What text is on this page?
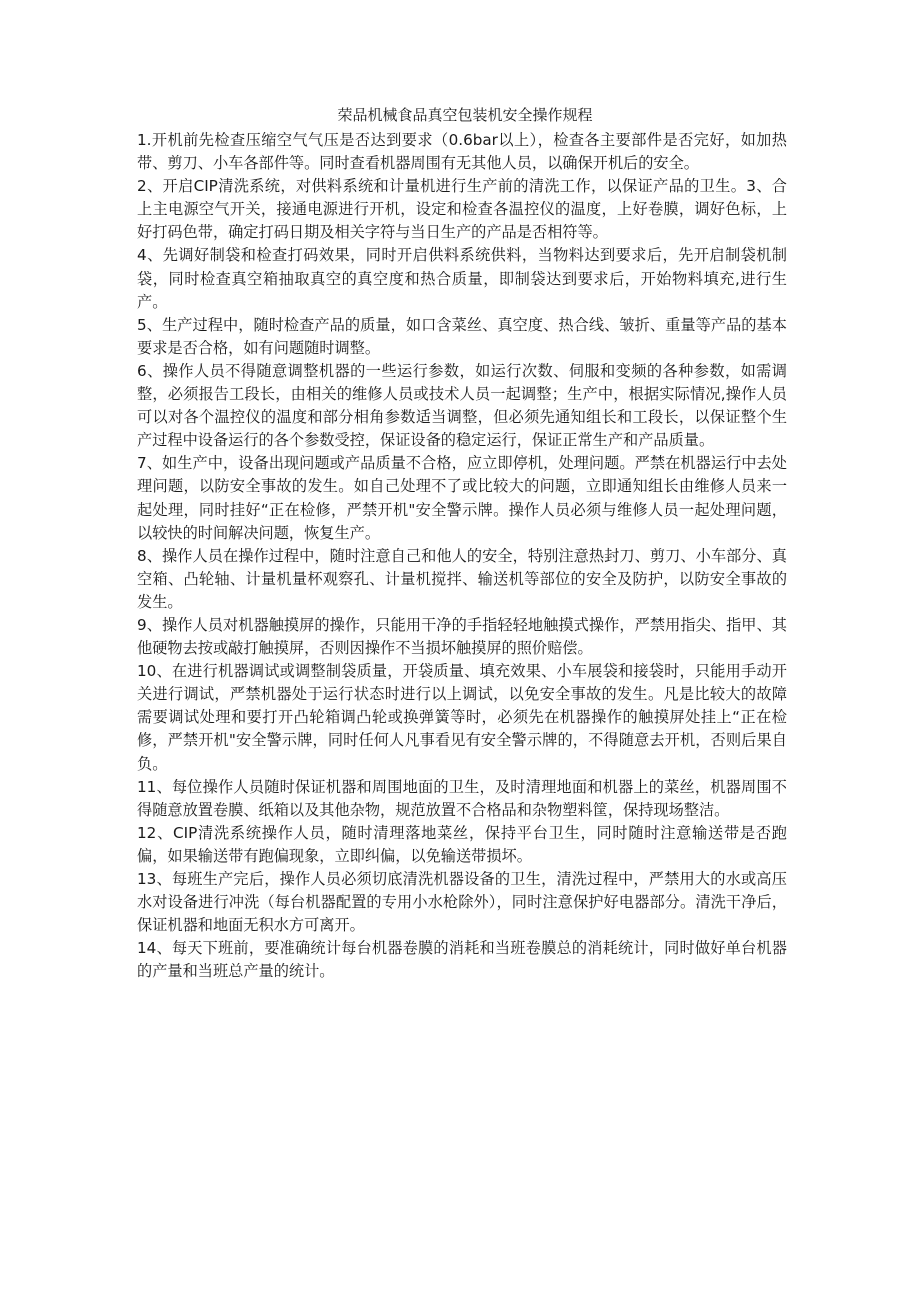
荣品机械食品真空包装机安全操作规程

1.开机前先检查压缩空气气压是否达到要求（0.6bar以上），检查各主要部件是否完好，如加热带、剪刀、小车各部件等。同时查看机器周围有无其他人员，以确保开机后的安全。

2、开启CIP清洗系统，对供料系统和计量机进行生产前的清洗工作，以保证产品的卫生。3、合上主电源空气开关，接通电源进行开机，设定和检查各温控仪的温度，上好卷膜，调好色标，上好打码色带，确定打码日期及相关字符与当日生产的产品是否相符等。

4、先调好制袋和检查打码效果，同时开启供料系统供料，当物料达到要求后，先开启制袋机制袋，同时检查真空箱抽取真空的真空度和热合质量，即制袋达到要求后，开始物料填充,进行生产。

5、生产过程中，随时检查产品的质量，如口含菜丝、真空度、热合线、皱折、重量等产品的基本要求是否合格，如有问题随时调整。

6、操作人员不得随意调整机器的一些运行参数，如运行次数、伺服和变频的各种参数，如需调整，必须报告工段长，由相关的维修人员或技术人员一起调整；生产中，根据实际情况,操作人员可以对各个温控仪的温度和部分相角参数适当调整，但必须先通知组长和工段长，以保证整个生产过程中设备运行的各个参数受控，保证设备的稳定运行，保证正常生产和产品质量。

7、如生产中，设备出现问题或产品质量不合格，应立即停机，处理问题。严禁在机器运行中去处理问题，以防安全事故的发生。如自己处理不了或比较大的问题，立即通知组长由维修人员来一起处理，同时挂好“正在检修，严禁开机"安全警示牌。操作人员必须与维修人员一起处理问题，以较快的时间解决问题，恢复生产。

8、操作人员在操作过程中，随时注意自己和他人的安全，特别注意热封刀、剪刀、小车部分、真空箱、凸轮轴、计量机量杯观察孔、计量机搅拌、输送机等部位的安全及防护，以防安全事故的发生。

9、操作人员对机器触摸屏的操作，只能用干净的手指轻轻地触摸式操作，严禁用指尖、指甲、其他硬物去按或敲打触摸屏，否则因操作不当损坏触摸屏的照价赔偿。

10、在进行机器调试或调整制袋质量，开袋质量、填充效果、小车展袋和接袋时，只能用手动开关进行调试，严禁机器处于运行状态时进行以上调试，以免安全事故的发生。凡是比较大的故障需要调试处理和要打开凸轮箱调凸轮或换弹簧等时，必须先在机器操作的触摸屏处挂上“正在检修，严禁开机"安全警示牌，同时任何人凡事看见有安全警示牌的，不得随意去开机，否则后果自负。

11、每位操作人员随时保证机器和周围地面的卫生，及时清理地面和机器上的菜丝，机器周围不得随意放置卷膜、纸箱以及其他杂物，规范放置不合格品和杂物塑料筐，保持现场整洁。

12、CIP清洗系统操作人员，随时清理落地菜丝，保持平台卫生，同时随时注意输送带是否跑偏，如果输送带有跑偏现象，立即纠偏，以免输送带损坏。

13、每班生产完后，操作人员必须切底清洗机器设备的卫生，清洗过程中，严禁用大的水或高压水对设备进行冲洗（每台机器配置的专用小水枪除外），同时注意保护好电器部分。清洗干净后，保证机器和地面无积水方可离开。

14、每天下班前，要准确统计每台机器卷膜的消耗和当班卷膜总的消耗统计，同时做好单台机器的产量和当班总产量的统计。
